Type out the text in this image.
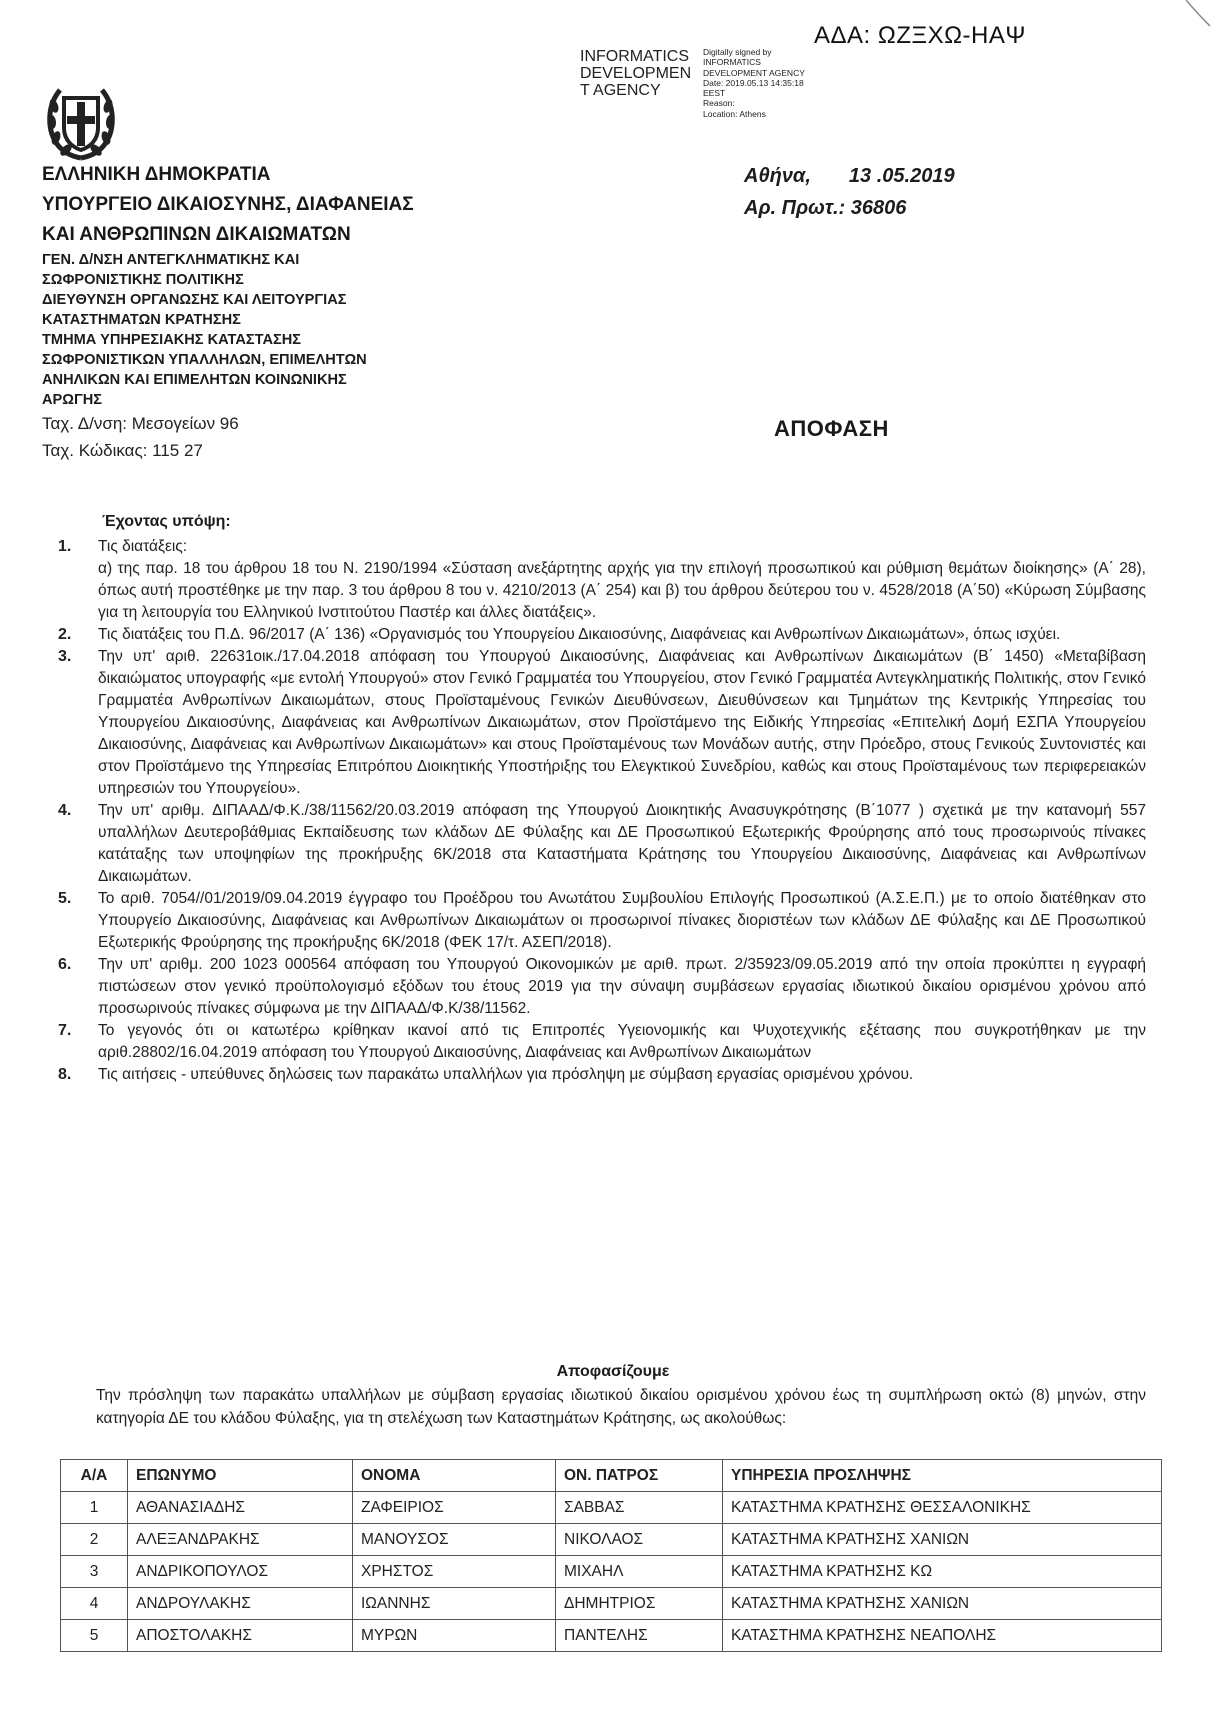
ΑΔΑ: ΩΖΞΧΩ-ΗΑΨ
INFORMATICS
DEVELOPMEN
T AGENCY
Digitally signed by
INFORMATICS
DEVELOPMENT AGENCY
Date: 2019.05.13 14:35:18
EEST
Reason:
Location: Athens
ΕΛΛΗΝΙΚΗ ΔΗΜΟΚΡΑΤΙΑ
ΥΠΟΥΡΓΕΙΟ ΔΙΚΑΙΟΣΥΝΗΣ, ΔΙΑΦΑΝΕΙΑΣ
ΚΑΙ ΑΝΘΡΩΠΙΝΩΝ ΔΙΚΑΙΩΜΑΤΩΝ
ΓΕΝ. Δ/ΝΣΗ ΑΝΤΕΓΚΛΗΜΑΤΙΚΗΣ ΚΑΙ
ΣΩΦΡΟΝΙΣΤΙΚΗΣ ΠΟΛΙΤΙΚΗΣ
ΔΙΕΥΘΥΝΣΗ ΟΡΓΑΝΩΣΗΣ ΚΑΙ ΛΕΙΤΟΥΡΓΙΑΣ
ΚΑΤΑΣΤΗΜΑΤΩΝ ΚΡΑΤΗΣΗΣ
ΤΜΗΜΑ ΥΠΗΡΕΣΙΑΚΗΣ ΚΑΤΑΣΤΑΣΗΣ
ΣΩΦΡΟΝΙΣΤΙΚΩΝ ΥΠΑΛΛΗΛΩΝ, ΕΠΙΜΕΛΗΤΩΝ
ΑΝΗΛΙΚΩΝ ΚΑΙ ΕΠΙΜΕΛΗΤΩΝ ΚΟΙΝΩΝΙΚΗΣ
ΑΡΩΓΗΣ
Ταχ. Δ/νση: Μεσογείων 96
Ταχ. Κώδικας: 115 27
Αθήνα, 13 .05.2019
Αρ. Πρωτ.: 36806
ΑΠΟΦΑΣΗ
Έχοντας υπόψη:
1. Τις διατάξεις:

α) της παρ. 18 του άρθρου 18 του Ν. 2190/1994 «Σύσταση ανεξάρτητης αρχής για την επιλογή προσωπικού και ρύθμιση θεμάτων διοίκησης» (Α΄ 28), όπως αυτή προστέθηκε με την παρ. 3 του άρθρου 8 του ν. 4210/2013 (Α΄ 254) και β) του άρθρου δεύτερου του ν. 4528/2018 (Α΄50) «Κύρωση Σύμβασης για τη λειτουργία του Ελληνικού Ινστιτούτου Παστέρ και άλλες διατάξεις».

2. Τις διατάξεις του Π.Δ. 96/2017 (Α΄ 136) «Οργανισμός του Υπουργείου Δικαιοσύνης, Διαφάνειας και Ανθρωπίνων Δικαιωμάτων», όπως ισχύει.

3. Την υπ' αριθ. 22631οικ./17.04.2018 απόφαση του Υπουργού Δικαιοσύνης, Διαφάνειας και Ανθρωπίνων Δικαιωμάτων (Β΄ 1450) «Μεταβίβαση δικαιώματος υπογραφής «με εντολή Υπουργού» στον Γενικό Γραμματέα του Υπουργείου, στον Γενικό Γραμματέα Αντεγκληματικής Πολιτικής, στον Γενικό Γραμματέα Ανθρωπίνων Δικαιωμάτων, στους Προϊσταμένους Γενικών Διευθύνσεων, Διευθύνσεων και Τμημάτων της Κεντρικής Υπηρεσίας του Υπουργείου Δικαιοσύνης, Διαφάνειας και Ανθρωπίνων Δικαιωμάτων, στον Προϊστάμενο της Ειδικής Υπηρεσίας «Επιτελική Δομή ΕΣΠΑ Υπουργείου Δικαιοσύνης, Διαφάνειας και Ανθρωπίνων Δικαιωμάτων» και στους Προϊσταμένους των Μονάδων αυτής, στην Πρόεδρο, στους Γενικούς Συντονιστές και στον Προϊστάμενο της Υπηρεσίας Επιτρόπου Διοικητικής Υποστήριξης του Ελεγκτικού Συνεδρίου, καθώς και στους Προϊσταμένους των περιφερειακών υπηρεσιών του Υπουργείου».

4. Την υπ' αριθμ. ΔΙΠΑΑΔ/Φ.Κ./38/11562/20.03.2019 απόφαση της Υπουργού Διοικητικής Ανασυγκρότησης (Β΄1077 ) σχετικά με την κατανομή 557 υπαλλήλων Δευτεροβάθμιας Εκπαίδευσης των κλάδων ΔΕ Φύλαξης και ΔΕ Προσωπικού Εξωτερικής Φρούρησης από τους προσωρινούς πίνακες κατάταξης των υποψηφίων της προκήρυξης 6Κ/2018 στα Καταστήματα Κράτησης του Υπουργείου Δικαιοσύνης, Διαφάνειας και Ανθρωπίνων Δικαιωμάτων.

5. Το αριθ. 7054//01/2019/09.04.2019 έγγραφο του Προέδρου του Ανωτάτου Συμβουλίου Επιλογής Προσωπικού (Α.Σ.Ε.Π.) με το οποίο διατέθηκαν στο Υπουργείο Δικαιοσύνης, Διαφάνειας και Ανθρωπίνων Δικαιωμάτων οι προσωρινοί πίνακες διοριστέων των κλάδων ΔΕ Φύλαξης και ΔΕ Προσωπικού Εξωτερικής Φρούρησης της προκήρυξης 6Κ/2018 (ΦΕΚ 17/τ. ΑΣΕΠ/2018).

6. Την υπ' αριθμ. 200 1023 000564 απόφαση του Υπουργού Οικονομικών με αριθ. πρωτ. 2/35923/09.05.2019 από την οποία προκύπτει η εγγραφή πιστώσεων στον γενικό προϋπολογισμό εξόδων του έτους 2019 για την σύναψη συμβάσεων εργασίας ιδιωτικού δικαίου ορισμένου χρόνου από προσωρινούς πίνακες σύμφωνα με την ΔΙΠΑΑΔ/Φ.Κ/38/11562.

7. Το γεγονός ότι οι κατωτέρω κρίθηκαν ικανοί από τις Επιτροπές Υγειονομικής και Ψυχοτεχνικής εξέτασης που συγκροτήθηκαν με την αριθ.28802/16.04.2019 απόφαση του Υπουργού Δικαιοσύνης, Διαφάνειας και Ανθρωπίνων Δικαιωμάτων

8. Τις αιτήσεις - υπεύθυνες δηλώσεις των παρακάτω υπαλλήλων για πρόσληψη με σύμβαση εργασίας ορισμένου χρόνου.

Αποφασίζουμε
Την πρόσληψη των παρακάτω υπαλλήλων με σύμβαση εργασίας ιδιωτικού δικαίου ορισμένου χρόνου έως τη συμπλήρωση οκτώ (8) μηνών, στην κατηγορία ΔΕ του κλάδου Φύλαξης, για τη στελέχωση των Καταστημάτων Κράτησης, ως ακολούθως:
Α/Α	ΕΠΩΝΥΜΟ	ΟΝΟΜΑ	ΟΝ. ΠΑΤΡΟΣ	ΥΠΗΡΕΣΙΑ ΠΡΟΣΛΗΨΗΣ
1	ΑΘΑΝΑΣΙΑΔΗΣ	ΖΑΦΕΙΡΙΟΣ	ΣΑΒΒΑΣ	ΚΑΤΑΣΤΗΜΑ ΚΡΑΤΗΣΗΣ ΘΕΣΣΑΛΟΝΙΚΗΣ
2	ΑΛΕΞΑΝΔΡΑΚΗΣ	ΜΑΝΟΥΣΟΣ	ΝΙΚΟΛΑΟΣ	ΚΑΤΑΣΤΗΜΑ ΚΡΑΤΗΣΗΣ ΧΑΝΙΩΝ
3	ΑΝΔΡΙΚΟΠΟΥΛΟΣ	ΧΡΗΣΤΟΣ	ΜΙΧΑΗΛ	ΚΑΤΑΣΤΗΜΑ ΚΡΑΤΗΣΗΣ ΚΩ
4	ΑΝΔΡΟΥΛΑΚΗΣ	ΙΩΑΝΝΗΣ	ΔΗΜΗΤΡΙΟΣ	ΚΑΤΑΣΤΗΜΑ ΚΡΑΤΗΣΗΣ ΧΑΝΙΩΝ
5	ΑΠΟΣΤΟΛΑΚΗΣ	ΜΥΡΩΝ	ΠΑΝΤΕΛΗΣ	ΚΑΤΑΣΤΗΜΑ ΚΡΑΤΗΣΗΣ ΝΕΑΠΟΛΗΣ
